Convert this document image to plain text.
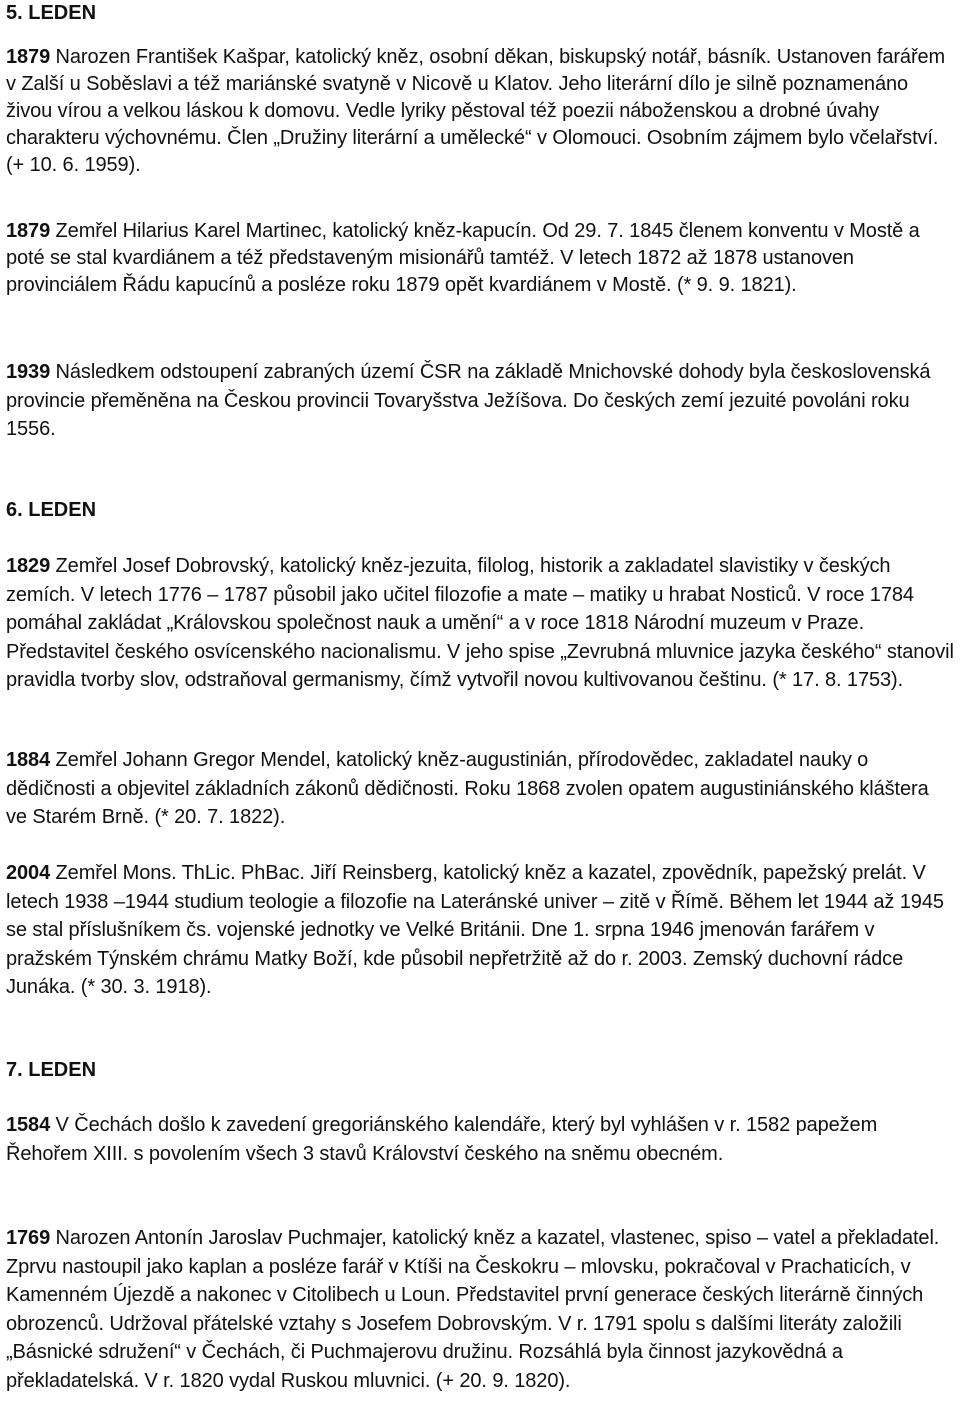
5. LEDEN

1879 Narozen František Kašpar, katolický kněz, osobní děkan, biskupský notář, básník. Ustanoven farářem v Zalší u Soběslavi a též mariánské svatyně v Nicově u Klatov. Jeho literární dílo je silně poznamenáno živou vírou a velkou láskou k domovu. Vedle lyriky pěstoval též poezii náboženskou a drobné úvahy charakteru výchovnému. Člen „Družiny literární a umělecké“ v Olomouci. Osobním zájmem bylo včelařství. (+ 10. 6. 1959).

1879 Zemřel Hilarius Karel Martinec, katolický kněz-kapucín. Od 29. 7. 1845 členem konventu v Mostě a poté se stal kvardiánem a též představeným misionářů tamtéž. V letech 1872 až 1878 ustanoven provinciálem Řádu kapucínů a posléze roku 1879 opět kvardiánem v Mostě. (* 9. 9. 1821).

1939 Následkem odstoupení zabraných území ČSR na základě Mnichovské dohody byla československá provincie přeměněna na Českou provincii Tovaryšstva Ježíšova. Do českých zemí jezuité povoláni roku 1556.

6. LEDEN

1829 Zemřel Josef Dobrovský, katolický kněz-jezuita, filolog, historik a zakladatel slavistiky v českých zemích. V letech 1776 – 1787 působil jako učitel filozofie a mate – matiky u hrabat Nosticů. V roce 1784 pomáhal zakládat „Královskou společnost nauk a umění“ a v roce 1818 Národní muzeum v Praze. Představitel českého osvícenského nacionalismu. V jeho spise „Zevrubná mluvnice jazyka českého“ stanovil pravidla tvorby slov, odstraňoval germanismy, čímž vytvořil novou kultivovanou češtinu. (* 17. 8. 1753).

1884 Zemřel Johann Gregor Mendel, katolický kněz-augustinián, přírodovědec, zakladatel nauky o dědičnosti a objevitel základních zákonů dědičnosti. Roku 1868 zvolen opatem augustiniánského kláštera ve Starém Brně. (* 20. 7. 1822).

2004 Zemřel Mons. ThLic. PhBac. Jiří Reinsberg, katolický kněz a kazatel, zpovědník, papežský prelát. V letech 1938 –1944 studium teologie a filozofie na Lateránské univer – zitě v Římě. Během let 1944 až 1945 se stal příslušníkem čs. vojenské jednotky ve Velké Británii. Dne 1. srpna 1946 jmenován farářem v pražském Týnském chrámu Matky Boží, kde působil nepřetržitě až do r. 2003. Zemský duchovní rádce Junáka. (* 30. 3. 1918).

7. LEDEN

1584 V Čechách došlo k zavedení gregoriánského kalendáře, který byl vyhlášen v r. 1582 papežem Řehořem XIII. s povolením všech 3 stavů Království českého na sněmu obecném.

1769 Narozen Antonín Jaroslav Puchmajer, katolický kněz a kazatel, vlastenec, spiso – vatel a překladatel. Zprvu nastoupil jako kaplan a posléze farář v Ktíši na Českokru – mlovsku, pokračoval v Prachaticích, v Kamenném Újezdě a nakonec v Citolibech u Loun. Představitel první generace českých literárně činných obrozenců. Udržoval přátelské vztahy s Josefem Dobrovským. V r. 1791 spolu s dalšími literáty založili „Básnické sdružení“ v Čechách, či Puchmajerovu družinu. Rozsáhlá byla činnost jazykovědná a překladatelská. V r. 1820 vydal Ruskou mluvnici. (+ 20. 9. 1820).
